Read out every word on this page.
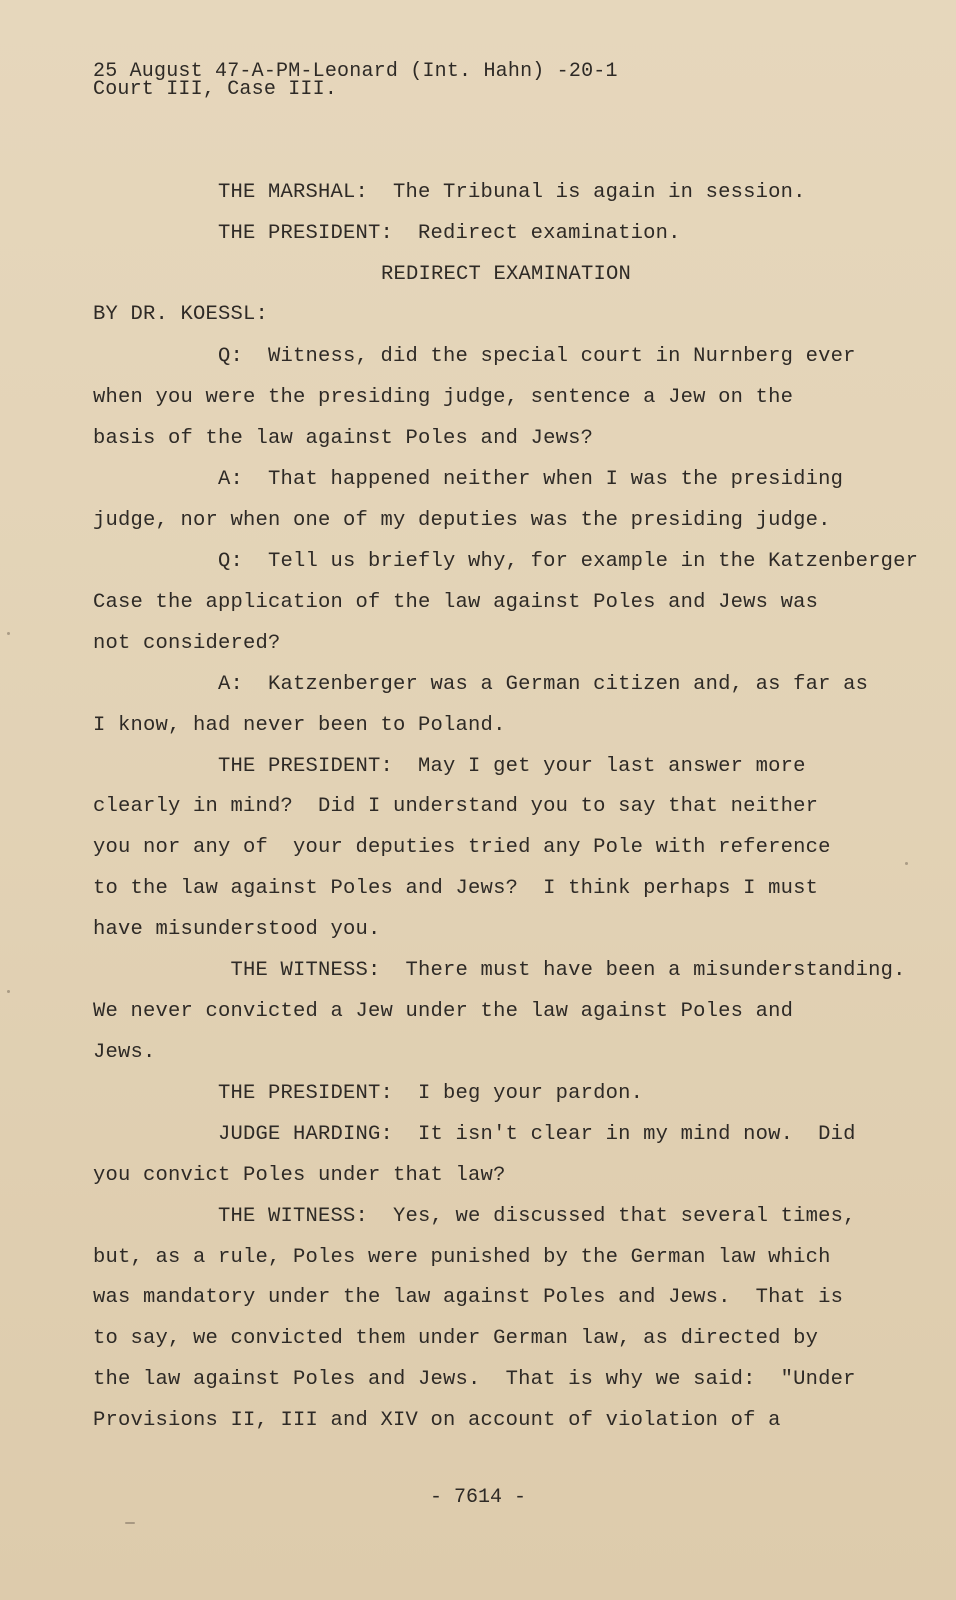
25 August 47-A-PM-Leonard (Int. Hahn) -20-1
Court III, Case III.
THE MARSHAL:  The Tribunal is again in session.
THE PRESIDENT:  Redirect examination.
REDIRECT EXAMINATION
BY DR. KOESSL:
Q:  Witness, did the special court in Nurnberg ever
when you were the presiding judge, sentence a Jew on the
basis of the law against Poles and Jews?
A:  That happened neither when I was the presiding
judge, nor when one of my deputies was the presiding judge.
Q:  Tell us briefly why, for example in the Katzenberger
Case the application of the law against Poles and Jews was
not considered?
A:  Katzenberger was a German citizen and, as far as
I know, had never been to Poland.
THE PRESIDENT:  May I get your last answer more
clearly in mind?  Did I understand you to say that neither
you nor any of  your deputies tried any Pole with reference
to the law against Poles and Jews?  I think perhaps I must
have misunderstood you.
THE WITNESS:  There must have been a misunderstanding.
We never convicted a Jew under the law against Poles and
Jews.
THE PRESIDENT:  I beg your pardon.
JUDGE HARDING:  It isn't clear in my mind now.  Did
you convict Poles under that law?
THE WITNESS:  Yes, we discussed that several times,
but, as a rule, Poles were punished by the German law which
was mandatory under the law against Poles and Jews.  That is
to say, we convicted them under German law, as directed by
the law against Poles and Jews.  That is why we said:  "Under
Provisions II, III and XIV on account of violation of a
- 7614 -
